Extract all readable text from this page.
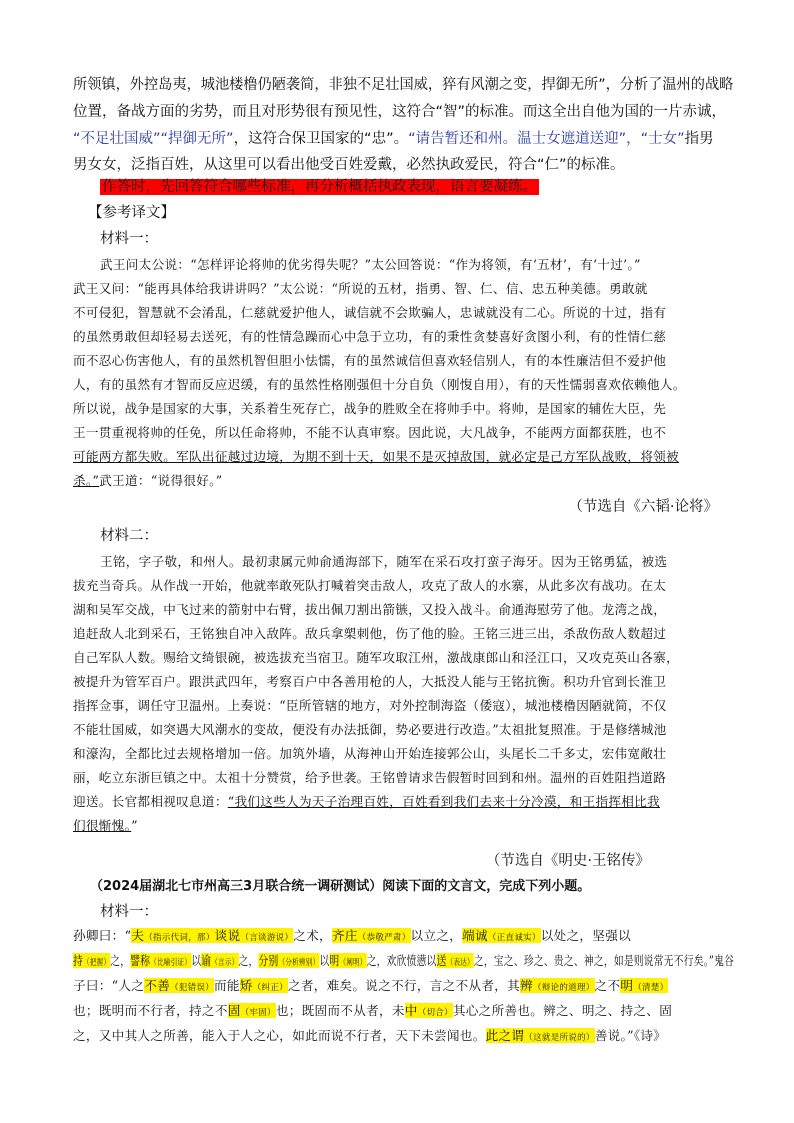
所领镇，外控岛夷，城池楼橹仍陋袭简，非独不足壮国威，猝有风潮之变，捍御无所”，分析了温州的战略
位置，备战方面的劣势，而且对形势很有预见性，这符合“智”的标准。而这全出自他为国的一片赤诚，
“不足壮国威”“捍御无所”，这符合保卫国家的“忠”。“请告暂还和州。温士女遮道送迎”，“士女”指男
男女女，泛指百姓，从这里可以看出他受百姓爱戴，必然执政爱民，符合“仁”的标准。
作答时，先回答符合哪些标准，再分析概括执政表现，语言要凝练。
【参考译文】
材料一：
武王问太公说：“怎样评论将帅的优劣得失呢？”太公回答说：“作为将领，有‘五材’，有‘十过’。”
武王又问：“能再具体给我讲讲吗？”太公说：“所说的五材，指勇、智、仁、信、忠五种美德。勇敢就
不可侵犯，智慧就不会淆乱，仁慈就爱护他人，诚信就不会欺骗人，忠诚就没有二心。所说的十过，指有
的虽然勇敢但却轻易去送死，有的性情急躁而心中急于立功，有的秉性贪婪喜好贪图小利，有的性情仁慈
而不忍心伤害他人，有的虽然机智但胆小怯懦，有的虽然诚信但喜欢轻信别人，有的本性廉洁但不爱护他
人，有的虽然有才智而反应迟缓，有的虽然性格刚强但十分自负（刚愎自用），有的天性懦弱喜欢依赖他人。
所以说，战争是国家的大事，关系着生死存亡，战争的胜败全在将帅手中。将帅，是国家的辅佐大臣，先
王一贯重视将帅的任免，所以任命将帅，不能不认真审察。因此说，大凡战争，不能两方面都获胜，也不
可能两方都失败。军队出征越过边境，为期不到十天，如果不是灭掉敌国，就必定是己方军队战败，将领被
杀。”武王道：“说得很好。”
（节选自《六韬·论将》
材料二：
王铭，字子敬，和州人。最初隶属元帅俞通海部下，随军在采石攻打蛮子海牙。因为王铭勇猛，被选
拔充当奇兵。从作战一开始，他就率敢死队打喊着突击敌人，攻克了敌人的水寨，从此多次有战功。在太
湖和吴军交战，中飞过来的箭射中右臂，拔出佩刀割出箭镞，又投入战斗。俞通海慰劳了他。龙湾之战，
追赶敌人北到采石，王铭独自冲入敌阵。敌兵拿槊刺他，伤了他的脸。王铭三进三出，杀敌伤敌人数超过
自己军队人数。赐给文绮银碗，被选拔充当宿卫。随军攻取江州，激战康郎山和泾江口，又攻克英山各寨，
被提升为管军百户。跟洪武四年，考察百户中各善用枪的人，大抵没人能与王铭抗衡。积功升官到长淮卫
指挥佥事，调任守卫温州。上奏说：“臣所管辖的地方，对外控制海盗（倭寇），城池楼橹因陋就简，不仅
不能壮国威，如突遇大风潮水的变故，便没有办法抵御，势必要进行改造。”太祖批复照准。于是修缮城池
和濠沟，全都比过去规格增加一倍。加筑外墙，从海神山开始连接郭公山，头尾长二千多丈，宏伟宽敞壮
丽，屹立东浙巨镇之中。太祖十分赞赏，给予世袭。王铭曾请求告假暂时回到和州。温州的百姓阻挡道路
迎送。长官都相视叹息道：“我们这些人为天子治理百姓，百姓看到我们去来十分冷漠，和王指挥相比我
们很惭愧。”
（节选自《明史·王铭传》
（2024届湖北七市州高三3月联合统一调研测试）阅读下面的文言文，完成下列小题。
材料一：
孙卿曰：“夫（指示代词，那）谈说（言谈游说）之术，齐庄（恭敬严肃）以立之，端诚（正直诚实）以处之，坚强以
持（把握）之，譬称（比喻引证）以谕（言示）之，分别（分析辨别）以明（阐明）之，欢欣愤懑以送（表达）之，宝之、珍之、贵之、神之，如是则说常无不行矣。”鬼谷
子曰：“人之不善（犯错误）而能矫（纠正）之者，难矣。说之不行，言之不从者，其辨（辩论的道理）之不明（清楚）
也；既明而不行者，持之不固（牢固）也；既固而不从者，未中（切合）其心之所善也。辨之、明之、持之、固
之，又中其人之所善，能入于人之心，如此而说不行者，天下未尝闻也。此之谓（这就是所说的）善说。”《诗》
